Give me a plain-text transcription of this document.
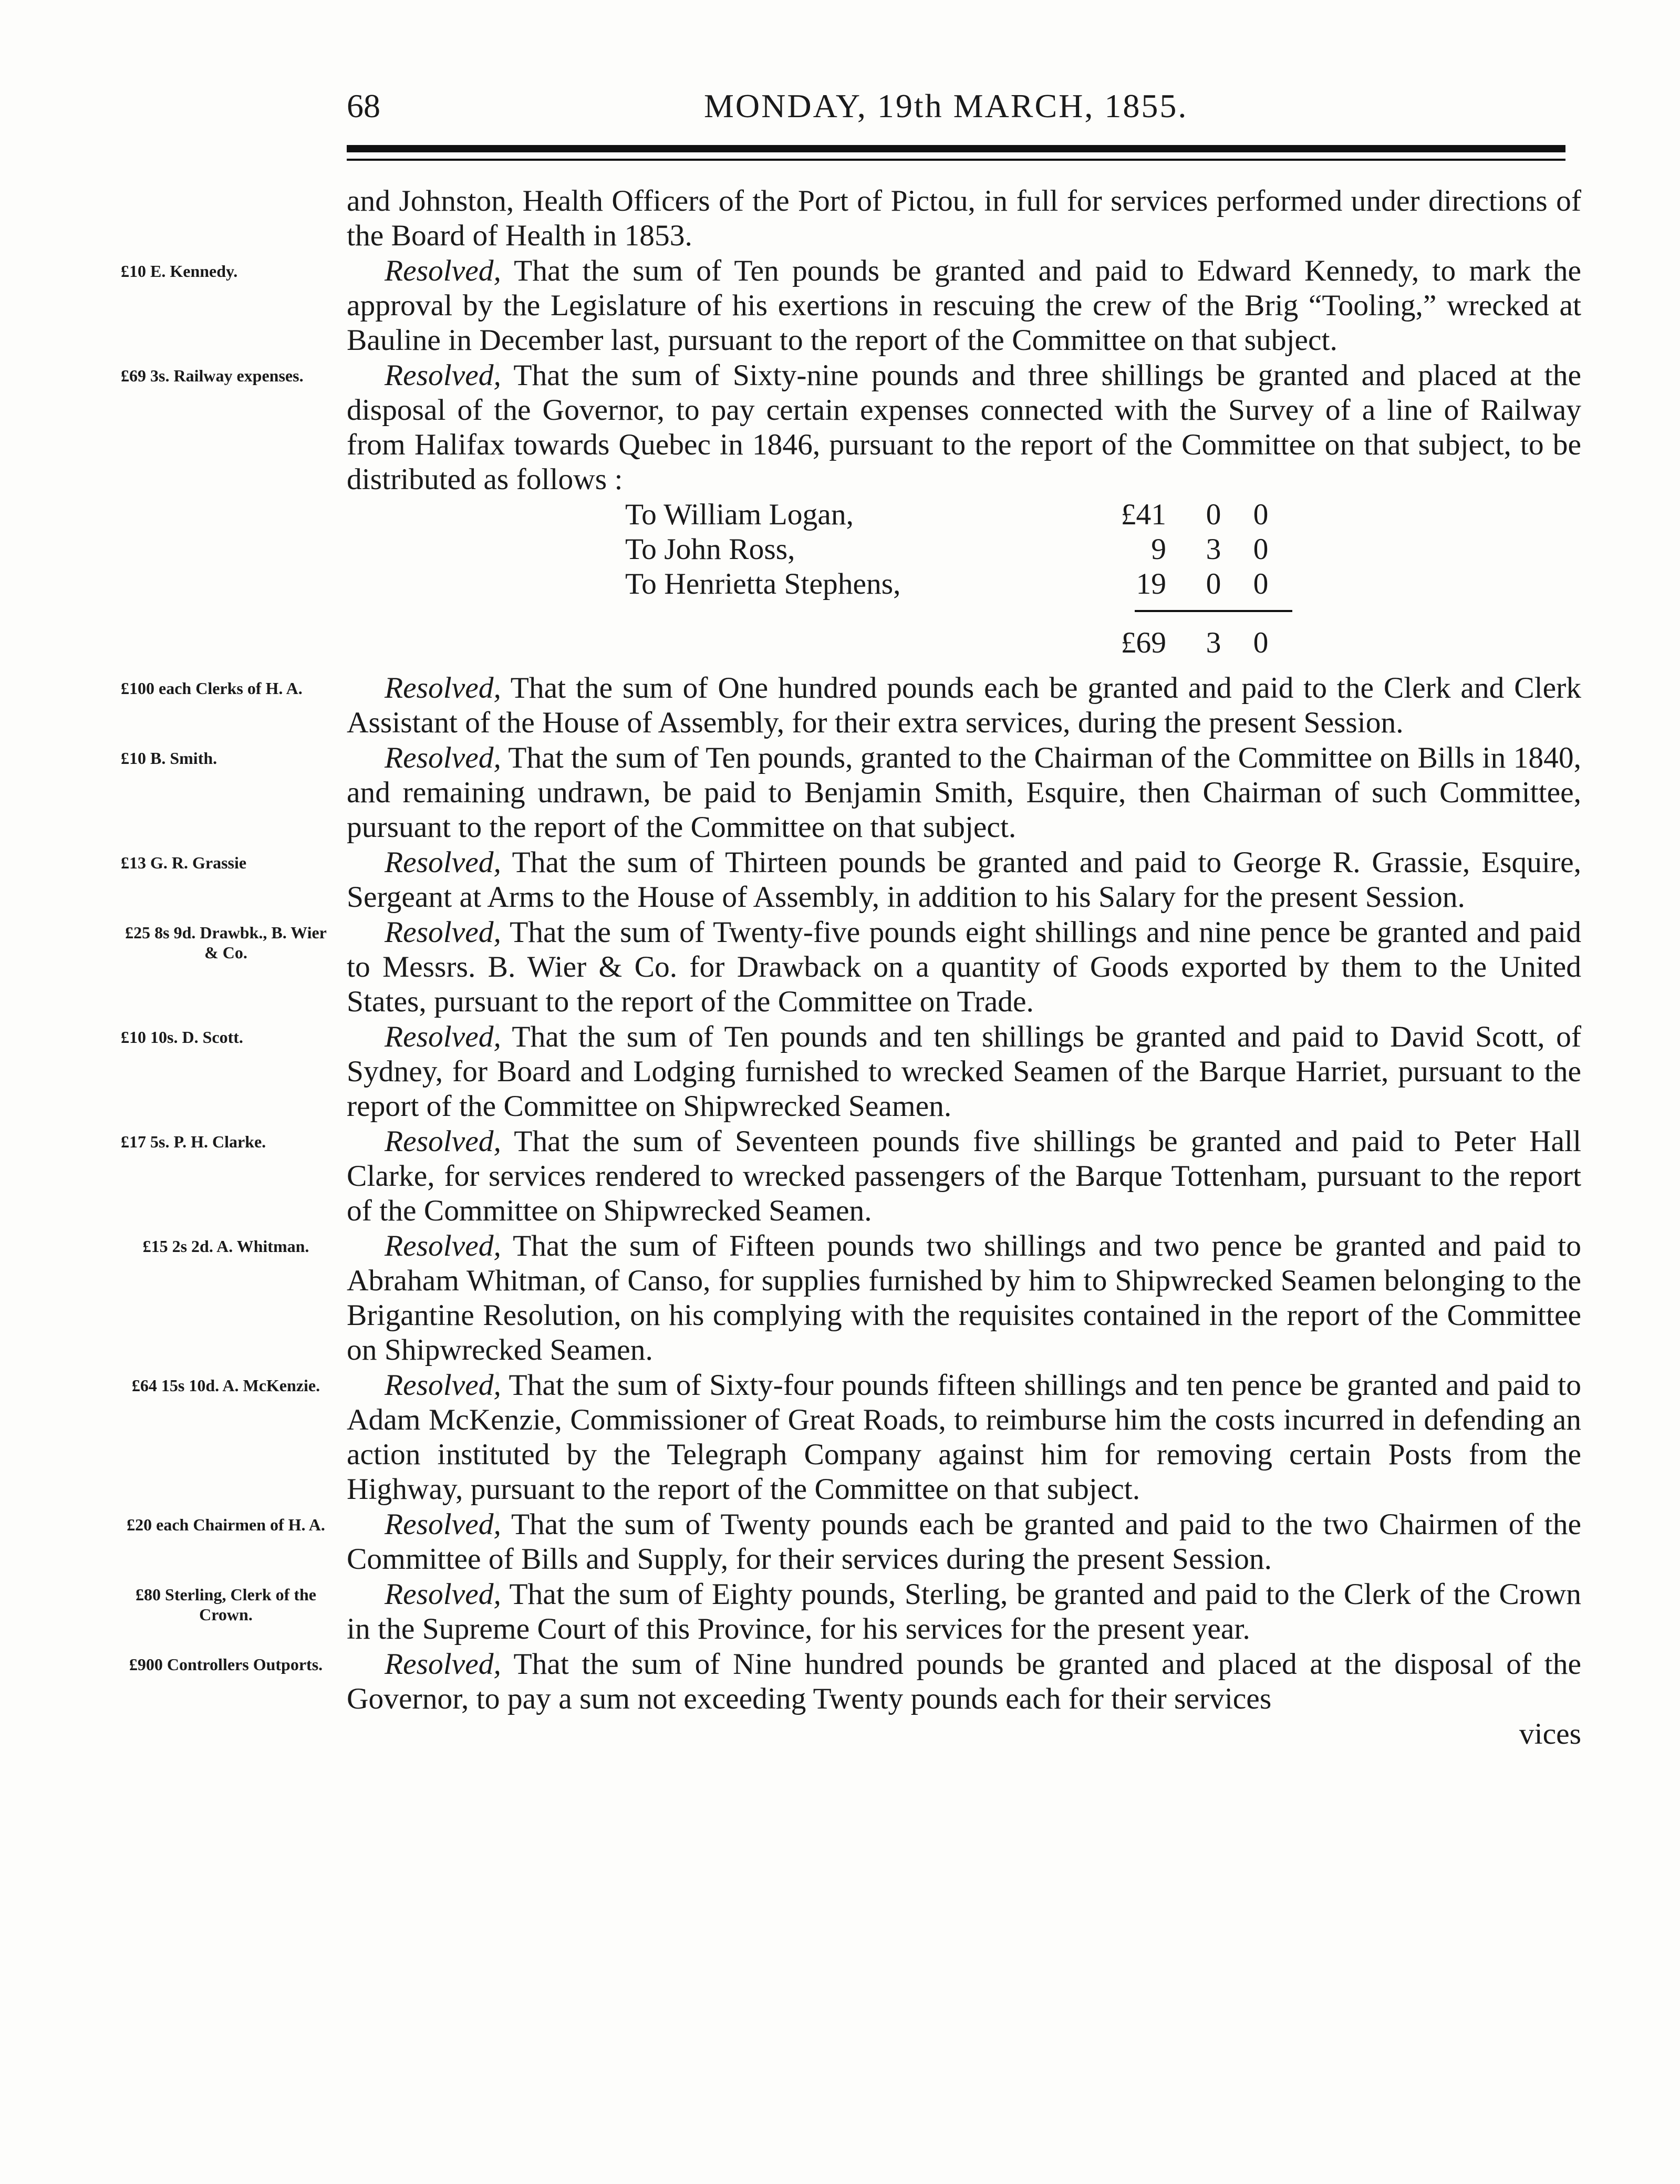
68	MONDAY, 19th MARCH, 1855.
and Johnston, Health Officers of the Port of Pictou, in full for services performed under directions of the Board of Health in 1853.
£10 E. Kennedy.	Resolved, That the sum of Ten pounds be granted and paid to Edward Kennedy, to mark the approval by the Legislature of his exertions in rescuing the crew of the Brig “Tooling,” wrecked at Bauline in December last, pursuant to the report of the Committee on that subject.
£69 3s. Railway expenses.	Resolved, That the sum of Sixty-nine pounds and three shillings be granted and placed at the disposal of the Governor, to pay certain expenses connected with the Survey of a line of Railway from Halifax towards Quebec in 1846, pursuant to the report of the Committee on that subject, to be distributed as follows :
To William Logan,	£41 0 0
To John Ross,	9 3 0
To Henrietta Stephens,	19 0 0
£69 3 0
£100 each Clerks of H. A.	Resolved, That the sum of One hundred pounds each be granted and paid to the Clerk and Clerk Assistant of the House of Assembly, for their extra services, during the present Session.
£10 B. Smith.	Resolved, That the sum of Ten pounds, granted to the Chairman of the Committee on Bills in 1840, and remaining undrawn, be paid to Benjamin Smith, Esquire, then Chairman of such Committee, pursuant to the report of the Committee on that subject.
£13 G. R. Grassie	Resolved, That the sum of Thirteen pounds be granted and paid to George R. Grassie, Esquire, Sergeant at Arms to the House of Assembly, in addition to his Salary for the present Session.
£25 8s 9d. Drawbk., B. Wier & Co.
Resolved, That the sum of Twenty-five pounds eight shillings and nine pence be granted and paid to Messrs. B. Wier & Co. for Drawback on a quantity of Goods exported by them to the United States, pursuant to the report of the Committee on Trade.
£10 10s. D. Scott.	Resolved, That the sum of Ten pounds and ten shillings be granted and paid to David Scott, of Sydney, for Board and Lodging furnished to wrecked Seamen of the Barque Harriet, pursuant to the report of the Committee on Shipwrecked Seamen.
£17 5s. P. H. Clarke.	Resolved, That the sum of Seventeen pounds five shillings be granted and paid to Peter Hall Clarke, for services rendered to wrecked passengers of the Barque Tottenham, pursuant to the report of the Committee on Shipwrecked Seamen.
£15 2s 2d. A. Whitman.	Resolved, That the sum of Fifteen pounds two shillings and two pence be granted and paid to Abraham Whitman, of Canso, for supplies furnished by him to Shipwrecked Seamen belonging to the Brigantine Resolution, on his complying with the requisites contained in the report of the Committee on Shipwrecked Seamen.
£64 15s 10d. A. McKenzie.	Resolved, That the sum of Sixty-four pounds fifteen shillings and ten pence be granted and paid to Adam McKenzie, Commissioner of Great Roads, to reimburse him the costs incurred in defending an action instituted by the Telegraph Company against him for removing certain Posts from the Highway, pursuant to the report of the Committee on that subject.
£20 each Chairmen of H. A.	Resolved, That the sum of Twenty pounds each be granted and paid to the two Chairmen of the Committee of Bills and Supply, for their services during the present Session.
£80 Sterling, Clerk of the Crown.
Resolved, That the sum of Eighty pounds, Sterling, be granted and paid to the Clerk of the Crown in the Supreme Court of this Province, for his services for the present year.
£900 Controllers Outports.	Resolved, That the sum of Nine hundred pounds be granted and placed at the disposal of the Governor, to pay a sum not exceeding Twenty pounds each for their services
vices
